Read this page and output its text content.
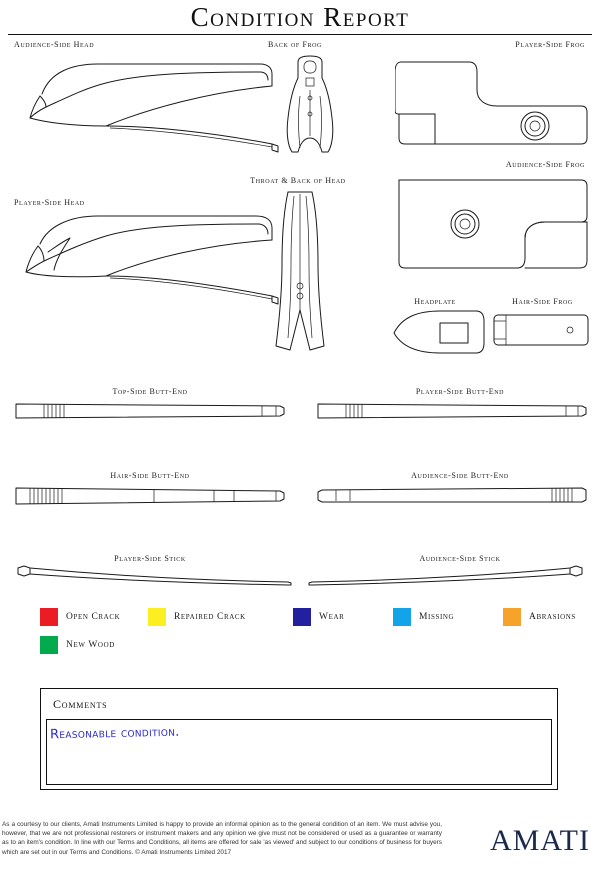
Condition Report
Audience-Side Head	Back of Frog	Player-Side Frog
Audience-Side Frog
Player-Side Head
Throat & Back of Head
Headplate	Hair-Side Frog
Top-Side Butt-End	Player-Side Butt-End
Hair-Side Butt-End	Audience-Side Butt-End
Player-Side Stick	Audience-Side Stick
Open Crack	Repaired Crack	Wear	Missing	Abrasions
New Wood
Comments
Reasonable condition.
As a courtesy to our clients, Amati Instruments Limited is happy to provide an informal opinion as to the general condition of an item. We must advise you, however, that we are not professional restorers or instrument makers and any opinion we give must not be considered or used as a guarantee or warranty as to an item's condition. In line with our Terms and Conditions, all items are offered for sale 'as viewed' and subject to our conditions of business for buyers which are set out in our Terms and Conditions. © Amati Instruments Limited 2017	AMATI
